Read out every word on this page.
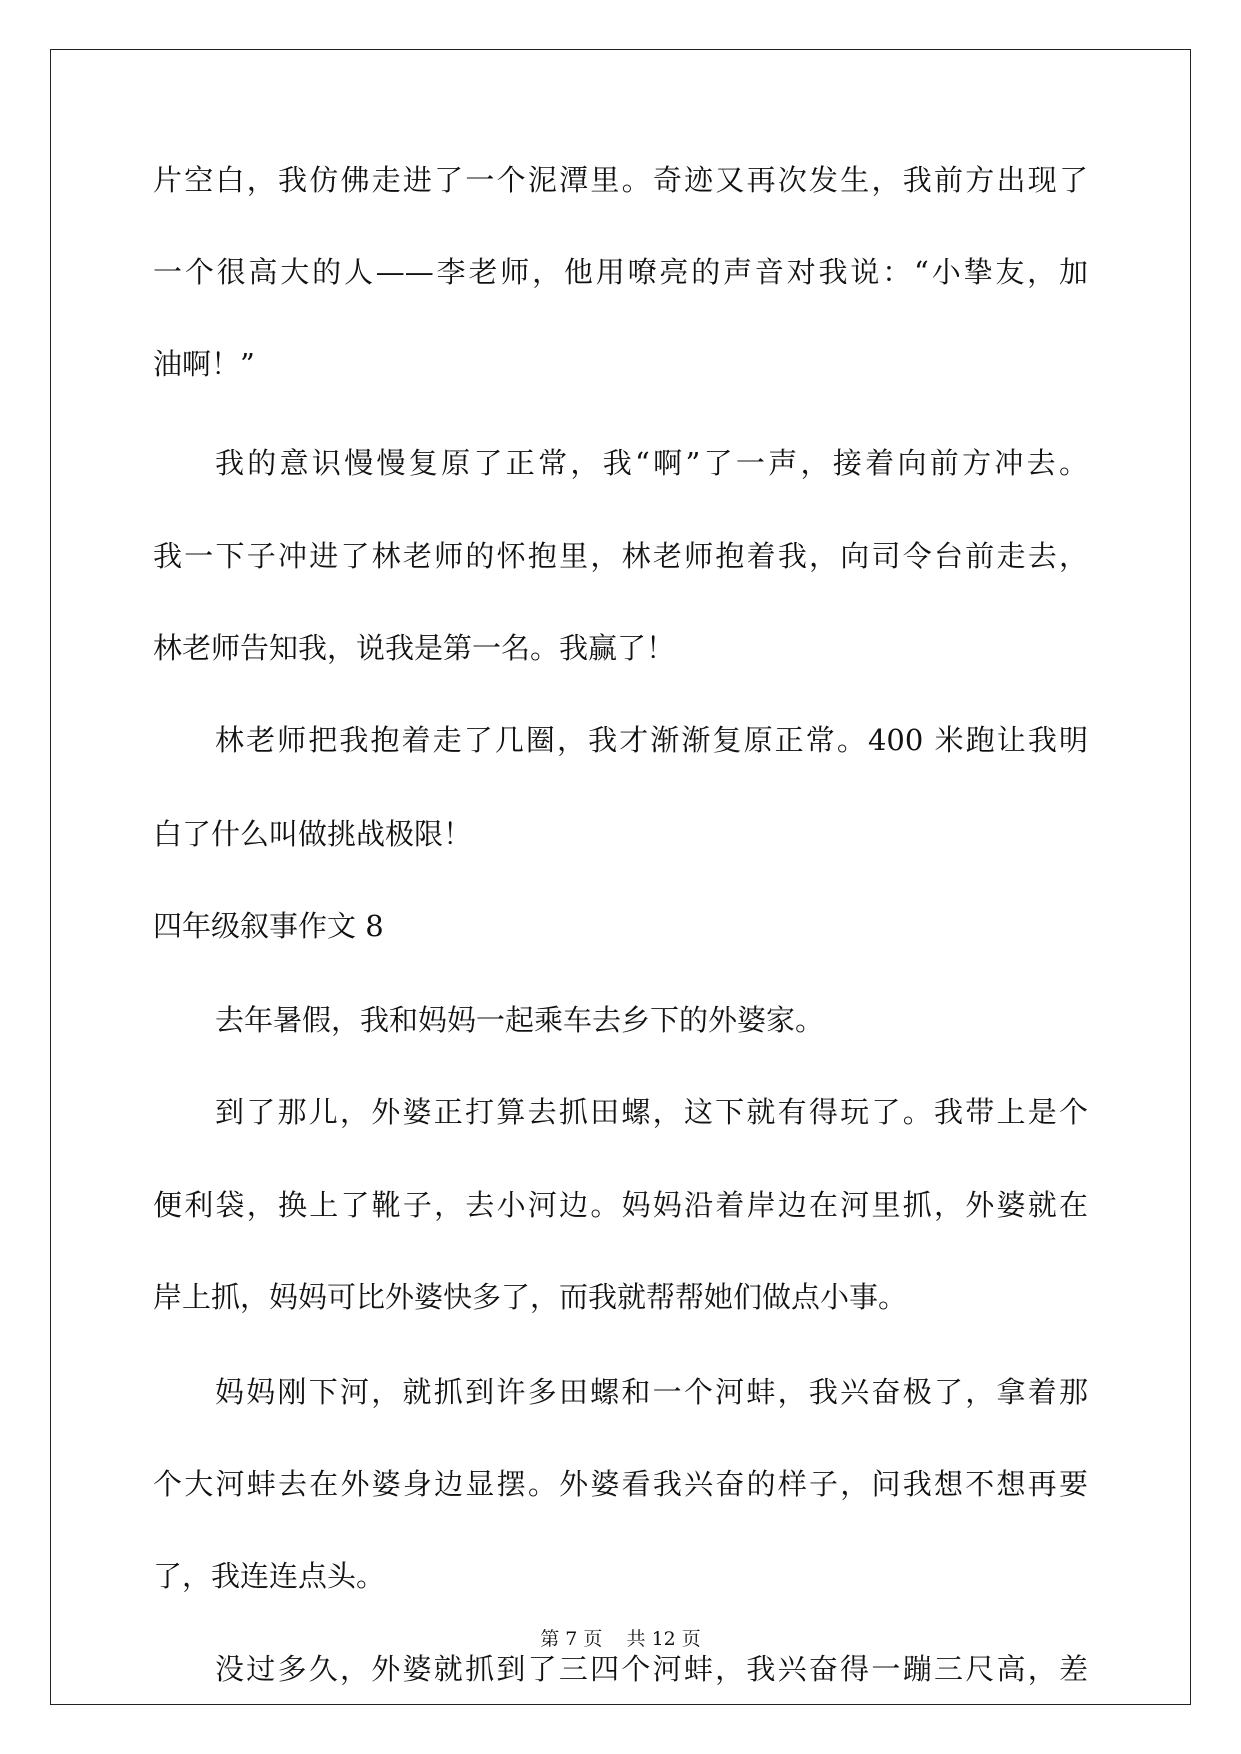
片空白，我仿佛走进了一个泥潭里。奇迹又再次发生，我前方出现了
一个很高大的人——李老师，他用嘹亮的声音对我说：“小挚友，加
油啊！”
我的意识慢慢复原了正常，我“啊”了一声，接着向前方冲去。
我一下子冲进了林老师的怀抱里，林老师抱着我，向司令台前走去，
林老师告知我，说我是第一名。我赢了！
林老师把我抱着走了几圈，我才渐渐复原正常。400 米跑让我明
白了什么叫做挑战极限！
四年级叙事作文 8
去年暑假，我和妈妈一起乘车去乡下的外婆家。
到了那儿，外婆正打算去抓田螺，这下就有得玩了。我带上是个
便利袋，换上了靴子，去小河边。妈妈沿着岸边在河里抓，外婆就在
岸上抓，妈妈可比外婆快多了，而我就帮帮她们做点小事。
妈妈刚下河，就抓到许多田螺和一个河蚌，我兴奋极了，拿着那
个大河蚌去在外婆身边显摆。外婆看我兴奋的样子，问我想不想再要
了，我连连点头。
没过多久，外婆就抓到了三四个河蚌，我兴奋得一蹦三尺高，差
第 7 页 共 12 页
